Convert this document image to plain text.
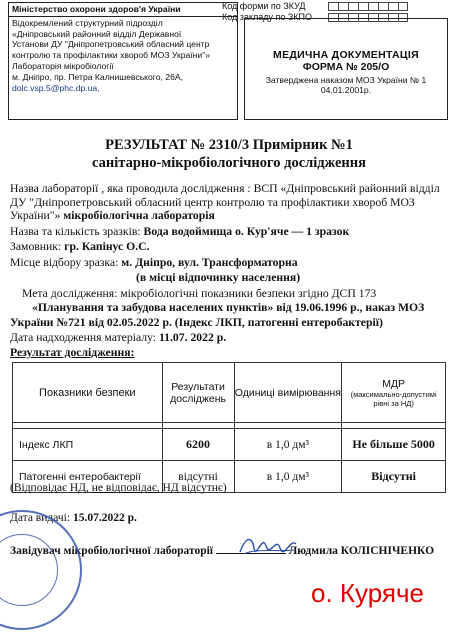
Код форми по ЗКУД
Код закладу по ЗКПО
Міністерство охорони здоров'я України
Відокремлений структурний підрозділ
«Дніпровський районний відділ Державної
Установи ДУ "Дніпропетровський обласний центр
контролю та профілактики хвороб МОЗ України"»
Лабораторія мікробіології
м. Дніпро, пр. Петра Калнишевського, 26А,
dolc.vsp.5@phc.dp.ua,
МЕДИЧНА ДОКУМЕНТАЦІЯ
ФОРМА № 205/О
Затверджена наказом МОЗ України № 1
04.01.2001р.
РЕЗУЛЬТАТ № 2310/3 Примірник №1
санітарно-мікробіологічного дослідження
Назва лабораторії , яка проводила дослідження : ВСП «Дніпровський районний відділ ДУ "Дніпропетровський обласний центр контролю та профілактики хвороб МОЗ України"» мікробіологічна лабораторія
Назва та кількість зразків: Вода водоймища о. Кур'яче — 1 зразок
Замовник: гр. Капінус О.С.
Місце відбору зразка: м. Дніпро, вул. Трансформаторна
(в місці відпочинку населення)
Мета дослідження: мікробіологічні показники безпеки згідно ДСП 173
«Планування та забудова населених пунктів» від 19.06.1996 р., наказ МОЗ
України №721 від 02.05.2022 р. (Індекс ЛКП, патогенні ентеробактерії)
Дата надходження матеріалу: 11.07. 2022 р.
Результат дослідження:
Показники безпеки	Результати досліджень	Одиниці вимірювання	МДР
(максимально-допустимі рівні за НД)

Індекс ЛКП	6200	в 1,0 дм³	Не більше 5000
Патогенні ентеробактерії	відсутні	в 1,0 дм³	Відсутні
(Відповідає НД, не відповідає, НД відсутнє)
Дата видачі: 15.07.2022 р.
Завідувач мікробіологічної лабораторії	Людмила КОЛІСНІЧЕНКО
о. Куряче
